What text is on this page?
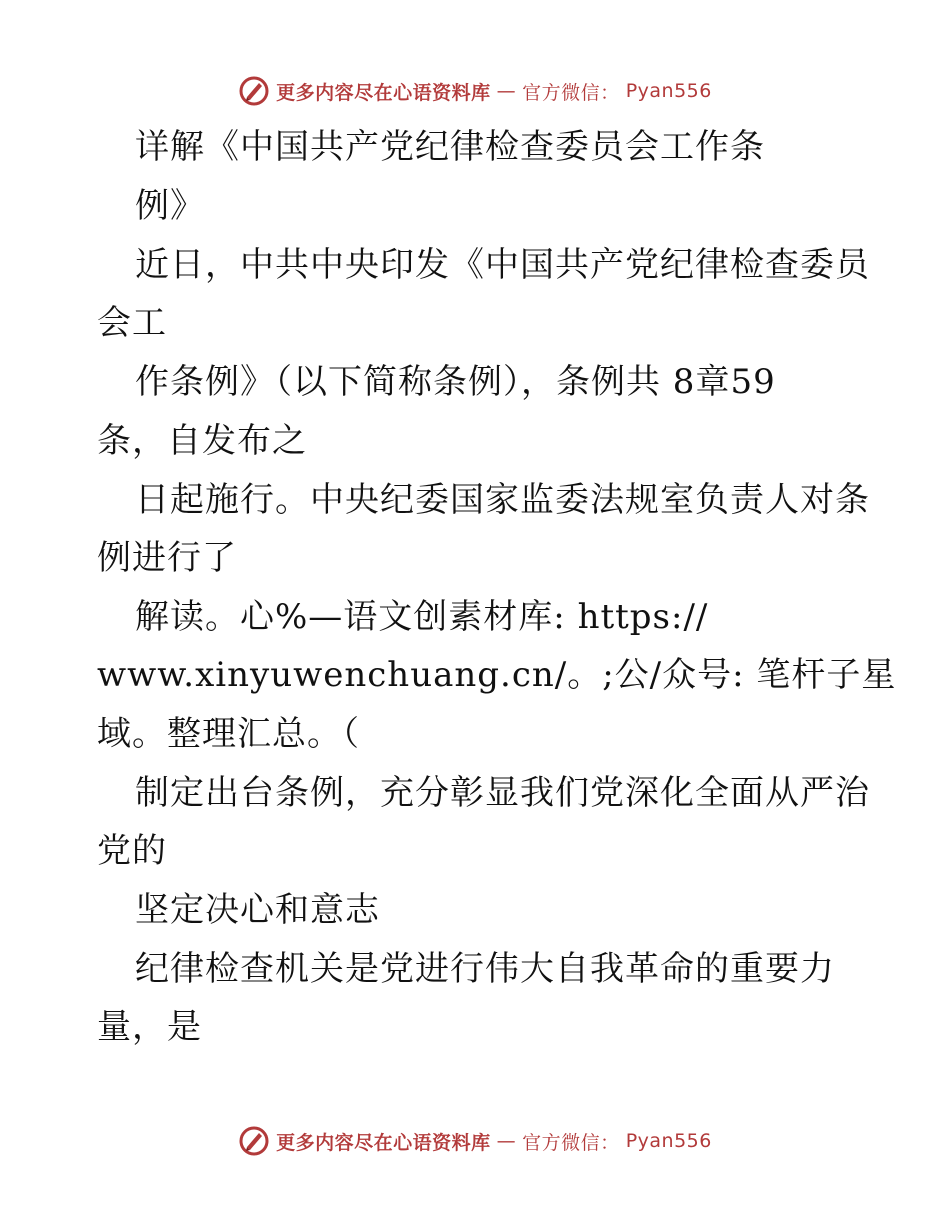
更多内容尽在心语资料库 — 官方微信： Pyan556
详解《中国共产党纪律检查委员会工作条
例》
近日，中共中央印发《中国共产党纪律检查委员
会工
作条例》（以下简称条例），条例共 8章59
条，自发布之
日起施行。中央纪委国家监委法规室负责人对条
例进行了
解读。心%—语文创素材库: https://
www.xinyuwenchuang.cn/。;公/众号: 笔杆子星
域。整理汇总。（
制定出台条例，充分彰显我们党深化全面从严治
党的
坚定决心和意志
纪律检查机关是党进行伟大自我革命的重要力
量，是
更多内容尽在心语资料库 — 官方微信： Pyan556
